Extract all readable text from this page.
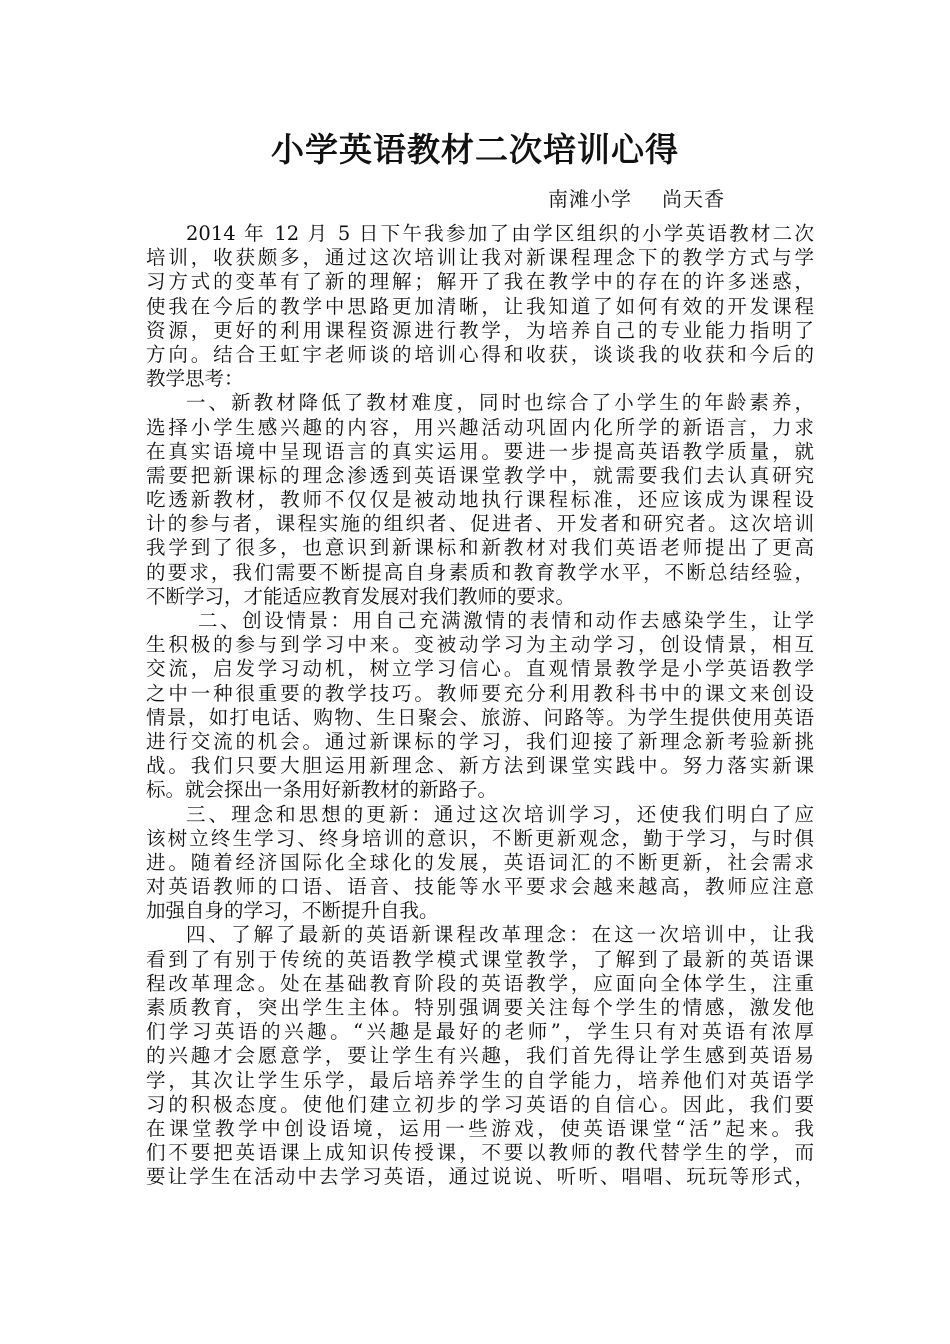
小学英语教材二次培训心得
南滩小学 尚天香
2014 年 12 月 5 日下午我参加了由学区组织的小学英语教材二次
培训，收获颇多，通过这次培训让我对新课程理念下的教学方式与学
习方式的变革有了新的理解；解开了我在教学中的存在的许多迷惑，
使我在今后的教学中思路更加清晰，让我知道了如何有效的开发课程
资源，更好的利用课程资源进行教学，为培养自己的专业能力指明了
方向。结合王虹宇老师谈的培训心得和收获，谈谈我的收获和今后的
教学思考：
一、新教材降低了教材难度，同时也综合了小学生的年龄素养，
选择小学生感兴趣的内容，用兴趣活动巩固内化所学的新语言，力求
在真实语境中呈现语言的真实运用。要进一步提高英语教学质量，就
需要把新课标的理念渗透到英语课堂教学中，就需要我们去认真研究
吃透新教材，教师不仅仅是被动地执行课程标准，还应该成为课程设
计的参与者，课程实施的组织者、促进者、开发者和研究者。这次培训
我学到了很多，也意识到新课标和新教材对我们英语老师提出了更高
的要求，我们需要不断提高自身素质和教育教学水平，不断总结经验，
不断学习，才能适应教育发展对我们教师的要求。
二、创设情景：用自己充满激情的表情和动作去感染学生，让学
生积极的参与到学习中来。变被动学习为主动学习，创设情景，相互
交流，启发学习动机，树立学习信心。直观情景教学是小学英语教学
之中一种很重要的教学技巧。教师要充分利用教科书中的课文来创设
情景，如打电话、购物、生日聚会、旅游、问路等。为学生提供使用英语
进行交流的机会。通过新课标的学习，我们迎接了新理念新考验新挑
战。我们只要大胆运用新理念、新方法到课堂实践中。努力落实新课
标。就会探出一条用好新教材的新路子。
三、理念和思想的更新：通过这次培训学习，还使我们明白了应
该树立终生学习、终身培训的意识，不断更新观念，勤于学习，与时俱
进。随着经济国际化全球化的发展，英语词汇的不断更新，社会需求
对英语教师的口语、语音、技能等水平要求会越来越高，教师应注意
加强自身的学习，不断提升自我。
四、了解了最新的英语新课程改革理念：在这一次培训中，让我
看到了有别于传统的英语教学模式课堂教学，了解到了最新的英语课
程改革理念。处在基础教育阶段的英语教学，应面向全体学生，注重
素质教育，突出学生主体。特别强调要关注每个学生的情感，激发他
们学习英语的兴趣。“兴趣是最好的老师”，学生只有对英语有浓厚
的兴趣才会愿意学，要让学生有兴趣，我们首先得让学生感到英语易
学，其次让学生乐学，最后培养学生的自学能力，培养他们对英语学
习的积极态度。使他们建立初步的学习英语的自信心。因此，我们要
在课堂教学中创设语境，运用一些游戏，使英语课堂“活”起来。我
们不要把英语课上成知识传授课，不要以教师的教代替学生的学，而
要让学生在活动中去学习英语，通过说说、听听、唱唱、玩玩等形式，
